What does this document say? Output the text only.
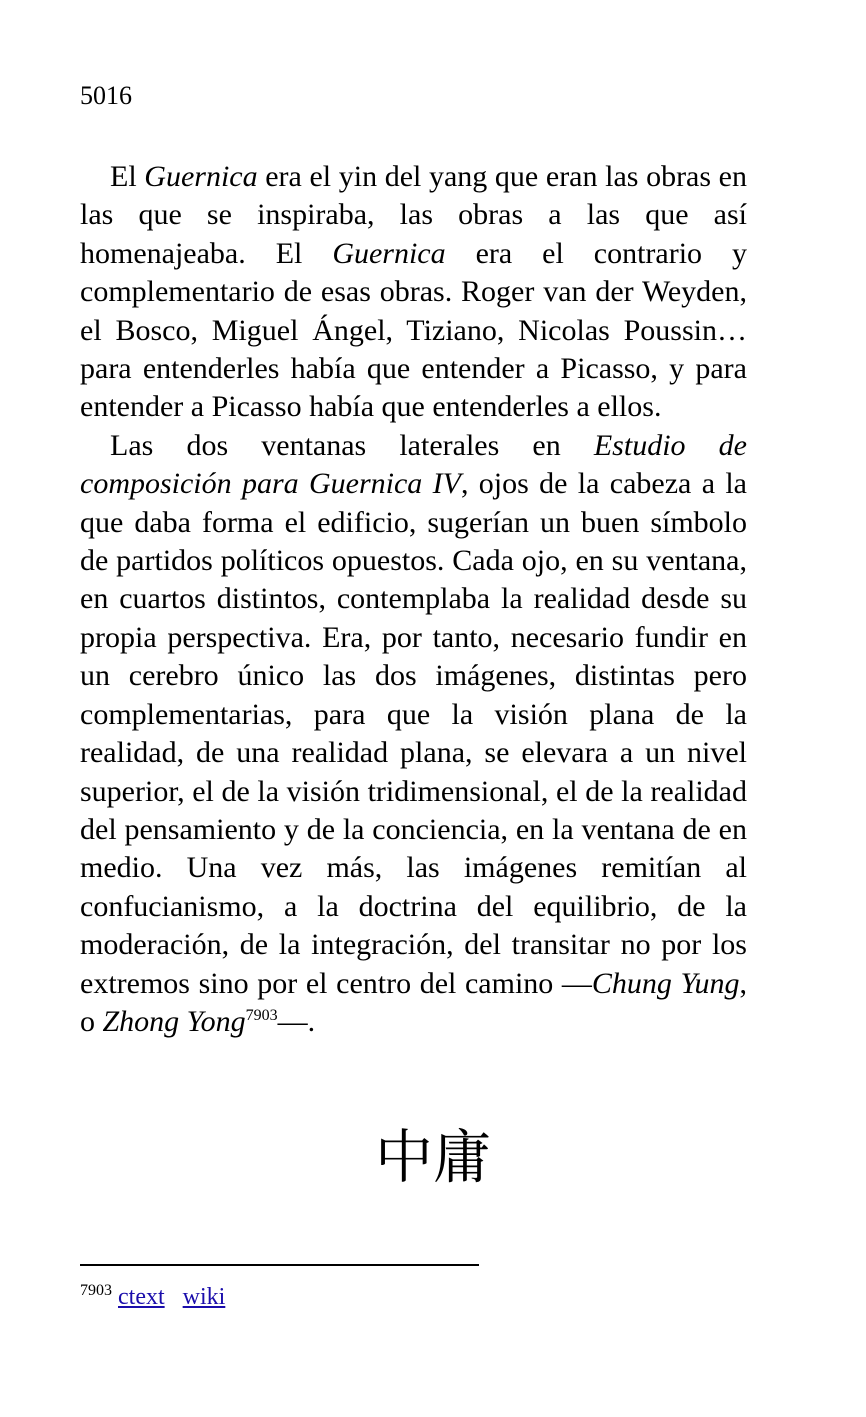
5016

El Guernica era el yin del yang que eran las obras en las que se inspiraba, las obras a las que así homenajeaba. El Guernica era el contrario y complementario de esas obras. Roger van der Weyden, el Bosco, Miguel Ángel, Tiziano, Nicolas Poussin… para entenderles había que entender a Picasso, y para entender a Picasso había que entenderles a ellos.

Las dos ventanas laterales en Estudio de composición para Guernica IV, ojos de la cabeza a la que daba forma el edificio, sugerían un buen símbolo de partidos políticos opuestos. Cada ojo, en su ventana, en cuartos distintos, contemplaba la realidad desde su propia perspectiva. Era, por tanto, necesario fundir en un cerebro único las dos imágenes, distintas pero complementarias, para que la visión plana de la realidad, de una realidad plana, se elevara a un nivel superior, el de la visión tridimensional, el de la realidad del pensamiento y de la conciencia, en la ventana de en medio. Una vez más, las imágenes remitían al confucianismo, a la doctrina del equilibrio, de la moderación, de la integración, del transitar no por los extremos sino por el centro del camino —Chung Yung, o Zhong Yong$^{7903}$—.

中庸
$^{7903}$ ctext wiki
